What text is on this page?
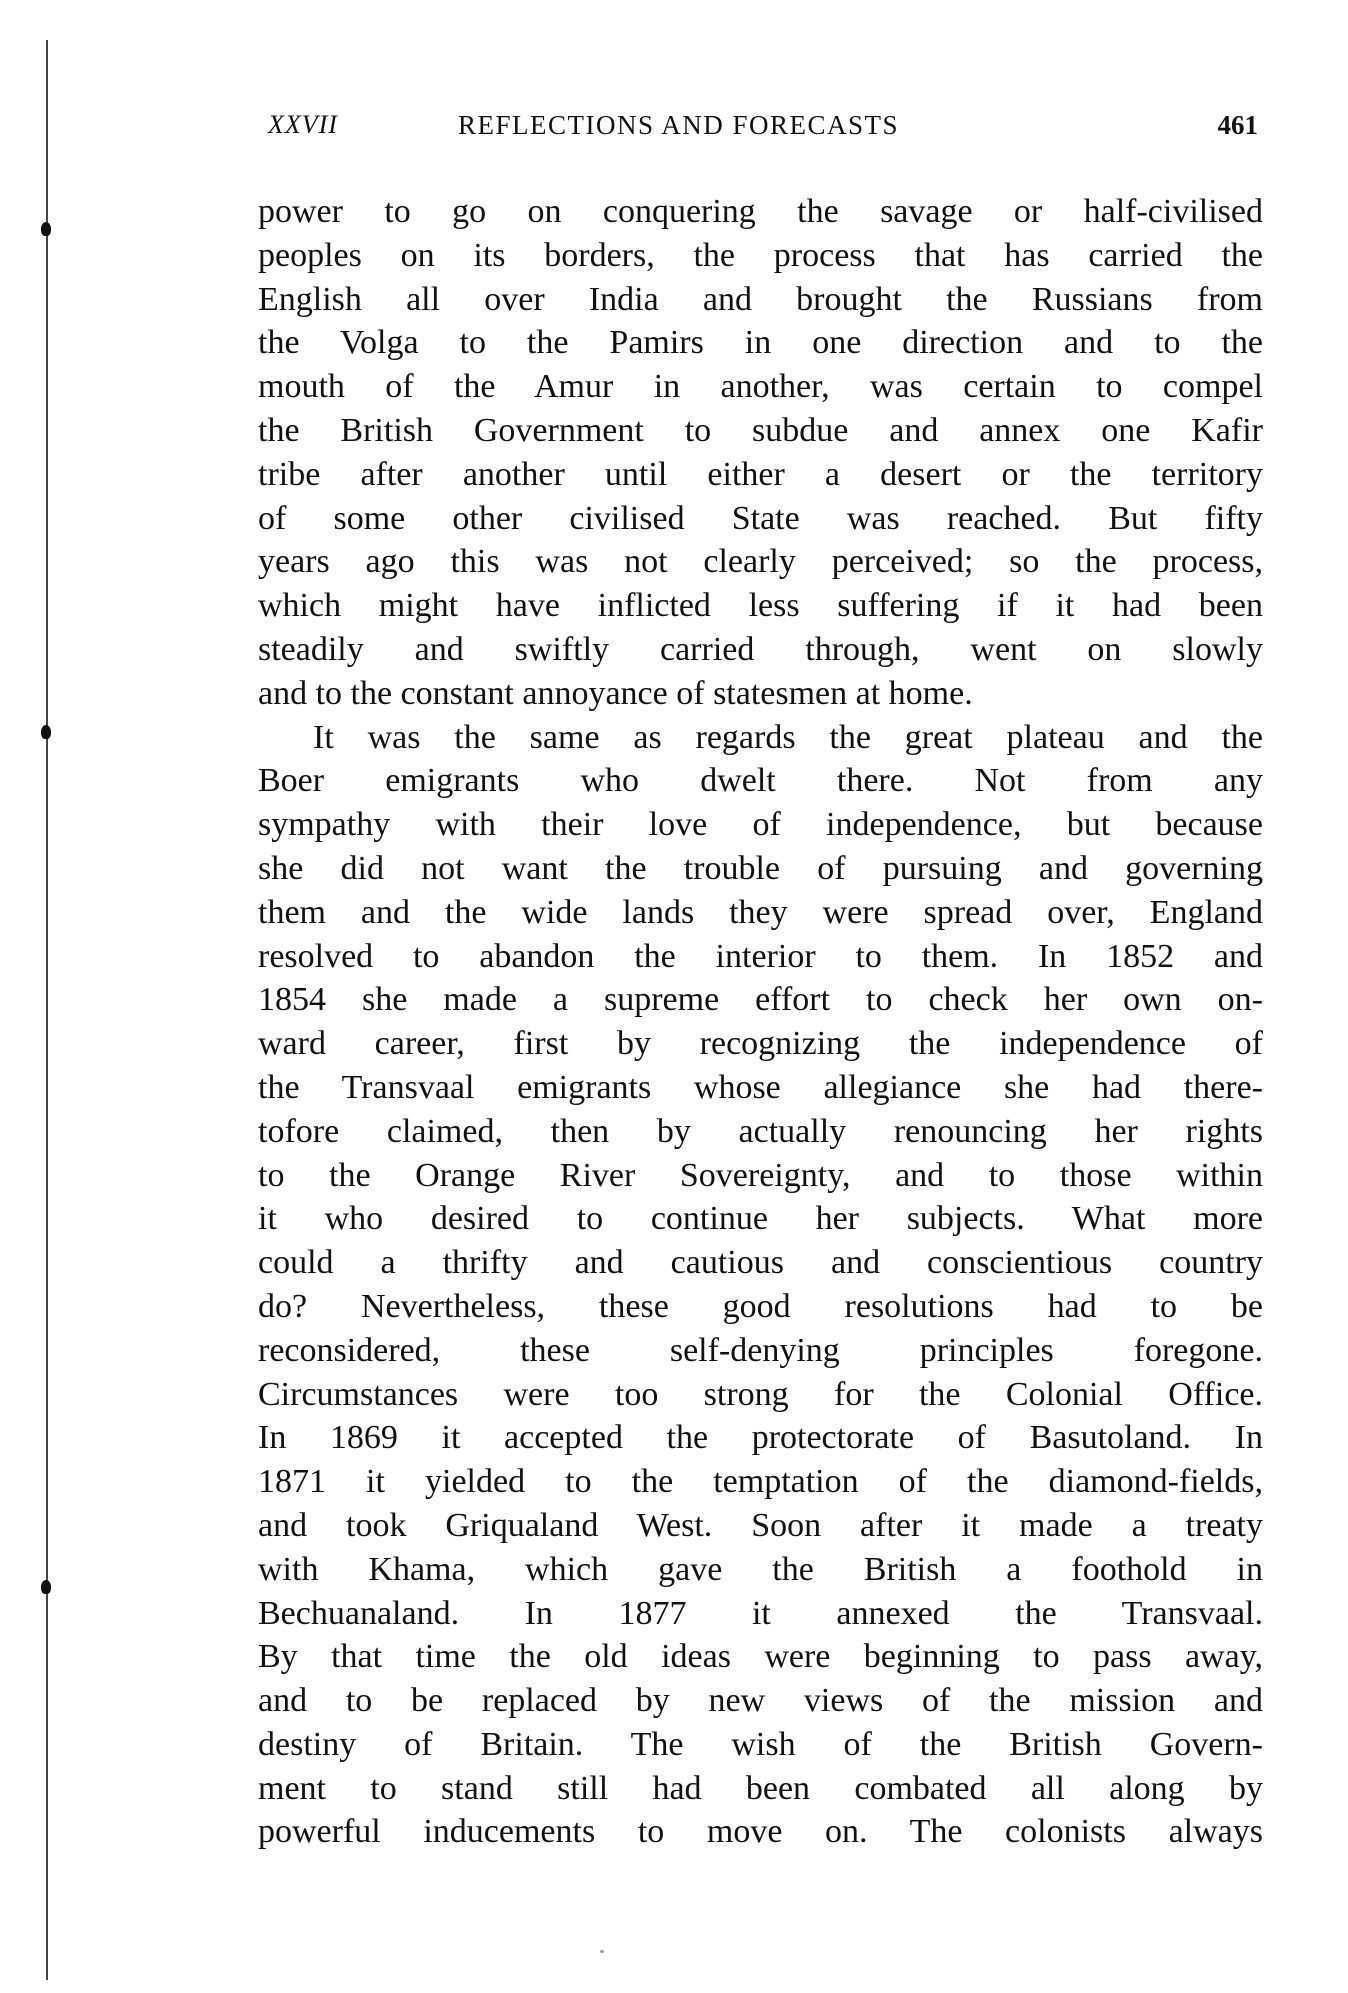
XXVII	REFLECTIONS AND FORECASTS	461
power to go on conquering the savage or half-civilised
peoples on its borders, the process that has carried the
English all over India and brought the Russians from
the Volga to the Pamirs in one direction and to the
mouth of the Amur in another, was certain to compel
the British Government to subdue and annex one Kafir
tribe after another until either a desert or the territory
of some other civilised State was reached. But fifty
years ago this was not clearly perceived; so the process,
which might have inflicted less suffering if it had been
steadily and swiftly carried through, went on slowly
and to the constant annoyance of statesmen at home.
It was the same as regards the great plateau and the
Boer emigrants who dwelt there. Not from any
sympathy with their love of independence, but because
she did not want the trouble of pursuing and governing
them and the wide lands they were spread over, England
resolved to abandon the interior to them. In 1852 and
1854 she made a supreme effort to check her own on-
ward career, first by recognizing the independence of
the Transvaal emigrants whose allegiance she had there-
tofore claimed, then by actually renouncing her rights
to the Orange River Sovereignty, and to those within
it who desired to continue her subjects. What more
could a thrifty and cautious and conscientious country
do? Nevertheless, these good resolutions had to be
reconsidered, these self-denying principles foregone.
Circumstances were too strong for the Colonial Office.
In 1869 it accepted the protectorate of Basutoland. In
1871 it yielded to the temptation of the diamond-fields,
and took Griqualand West. Soon after it made a treaty
with Khama, which gave the British a foothold in
Bechuanaland. In 1877 it annexed the Transvaal.
By that time the old ideas were beginning to pass away,
and to be replaced by new views of the mission and
destiny of Britain. The wish of the British Govern-
ment to stand still had been combated all along by
powerful inducements to move on. The colonists always
